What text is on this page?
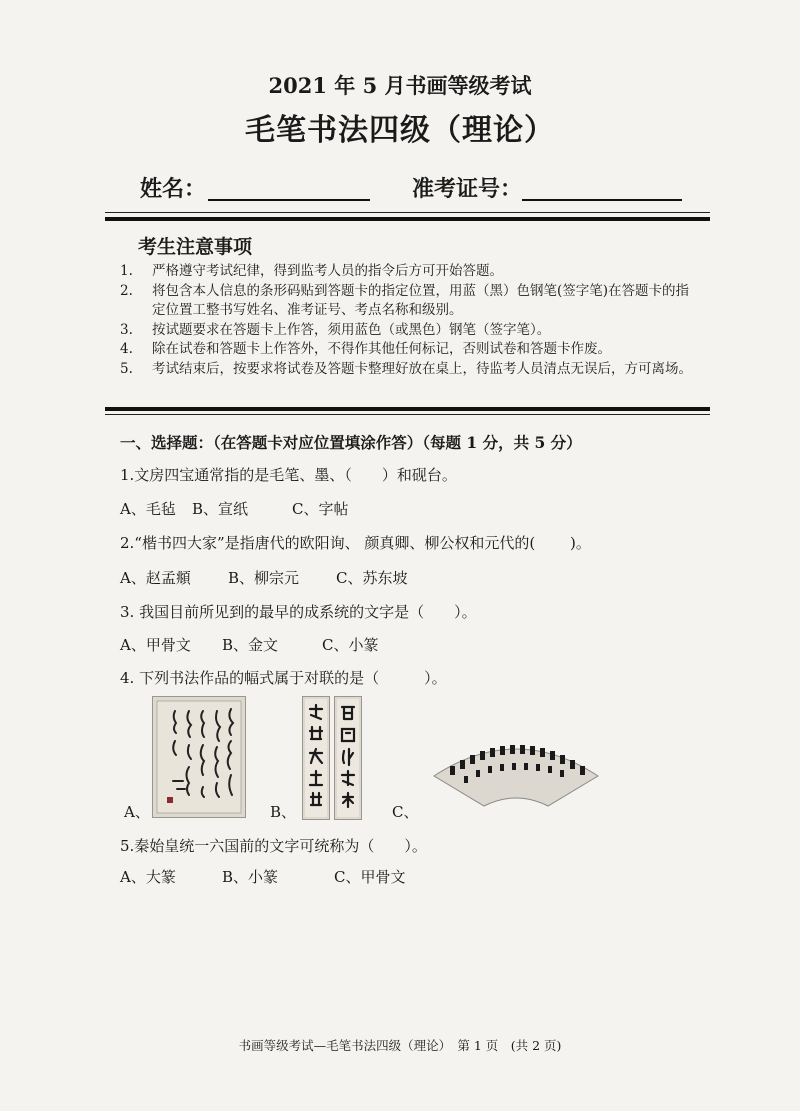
2021 年 5 月书画等级考试
毛笔书法四级（理论）
姓名：	准考证号：
考生注意事项
1.	严格遵守考试纪律，得到监考人员的指令后方可开始答题。
2.	将包含本人信息的条形码贴到答题卡的指定位置，用蓝（黑）色钢笔(签字笔)在答题卡的指定位置工整书写姓名、准考证号、考点名称和级别。
3.	按试题要求在答题卡上作答，须用蓝色（或黑色）钢笔（签字笔）。
4.	除在试卷和答题卡上作答外，不得作其他任何标记，否则试卷和答题卡作废。
5.	考试结束后，按要求将试卷及答题卡整理好放在桌上，待监考人员清点无误后，方可离场。
一、选择题：（在答题卡对应位置填涂作答）（每题 1 分，共 5 分）
1.文房四宝通常指的是毛笔、墨、（　　）和砚台。
A、毛毡 B、宣纸	C、字帖
2.“楷书四大家”是指唐代的欧阳询、 颜真卿、柳公权和元代的(　　 )。
A、赵孟頫 B、柳宗元 C、苏东坡
3. 我国目前所见到的最早的成系统的文字是（　　）。
A、甲骨文 B、金文	C、小篆
4. 下列书法作品的幅式属于对联的是（　　　）。
A、	B、	C、
5.秦始皇统一六国前的文字可统称为（　　）。
A、大篆	B、小篆	C、甲骨文
书画等级考试—毛笔书法四级（理论）　第 1 页　(共 2 页)
